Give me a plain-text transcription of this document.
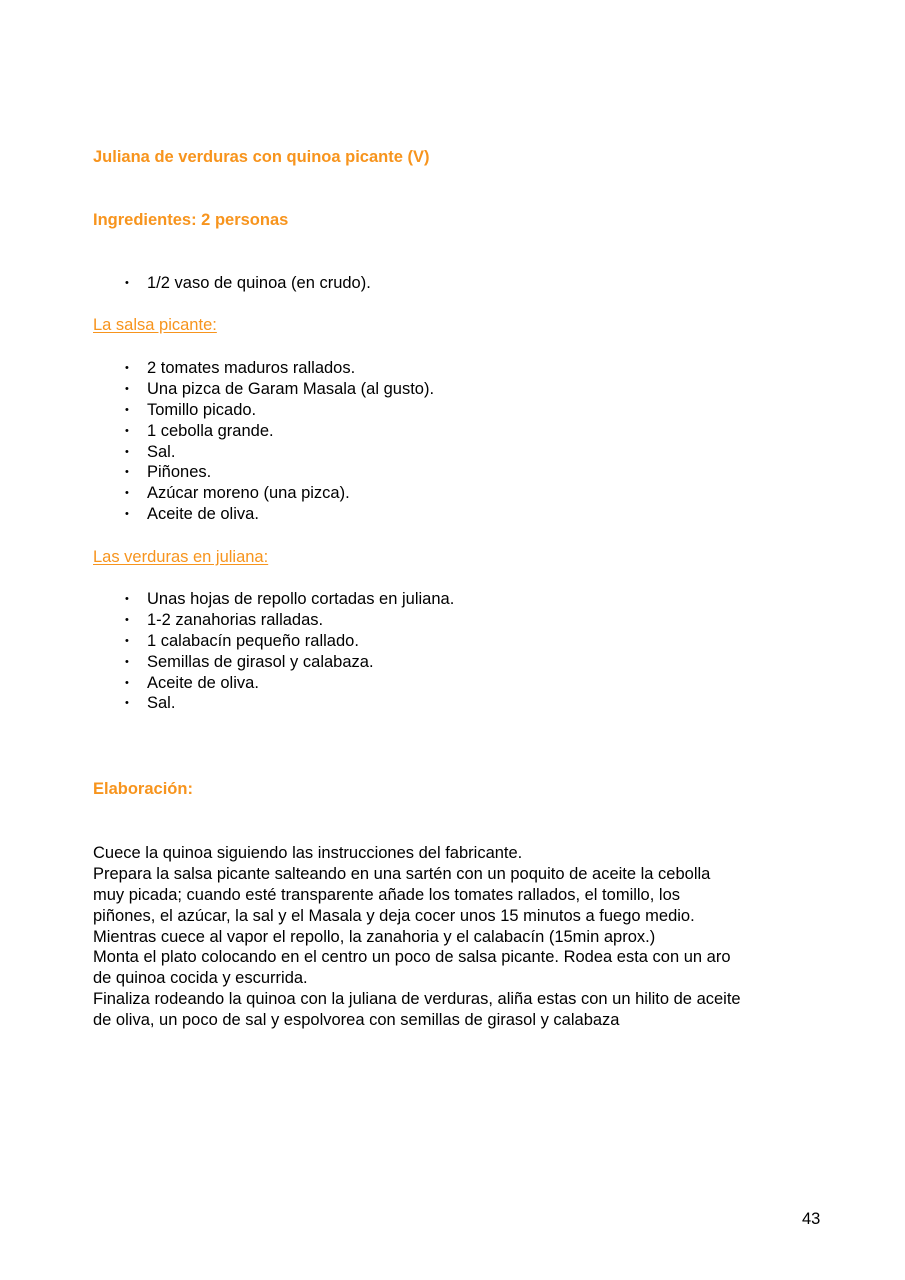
Juliana de verduras con quinoa picante (V)
Ingredientes: 2 personas
• 1/2 vaso de quinoa (en crudo).
La salsa picante:
• 2 tomates maduros rallados.
• Una pizca de Garam Masala (al gusto).
• Tomillo picado.
• 1 cebolla grande.
• Sal.
• Piñones.
• Azúcar moreno (una pizca).
• Aceite de oliva.
Las verduras en juliana:
• Unas hojas de repollo cortadas en juliana.
• 1-2 zanahorias ralladas.
• 1 calabacín pequeño rallado.
• Semillas de girasol y calabaza.
• Aceite de oliva.
• Sal.
Elaboración:
Cuece la quinoa siguiendo las instrucciones del fabricante.
Prepara la salsa picante salteando en una sartén con un poquito de aceite la cebolla
muy picada; cuando esté transparente añade los tomates rallados, el tomillo, los
piñones, el azúcar, la sal y el Masala y deja cocer unos 15 minutos a fuego medio.
Mientras cuece al vapor el repollo, la zanahoria y el calabacín (15min aprox.)
Monta el plato colocando en el centro un poco de salsa picante. Rodea esta con un aro
de quinoa cocida y escurrida.
Finaliza rodeando la quinoa con la juliana de verduras, aliña estas con un hilito de aceite
de oliva, un poco de sal y espolvorea con semillas de girasol y calabaza
43
